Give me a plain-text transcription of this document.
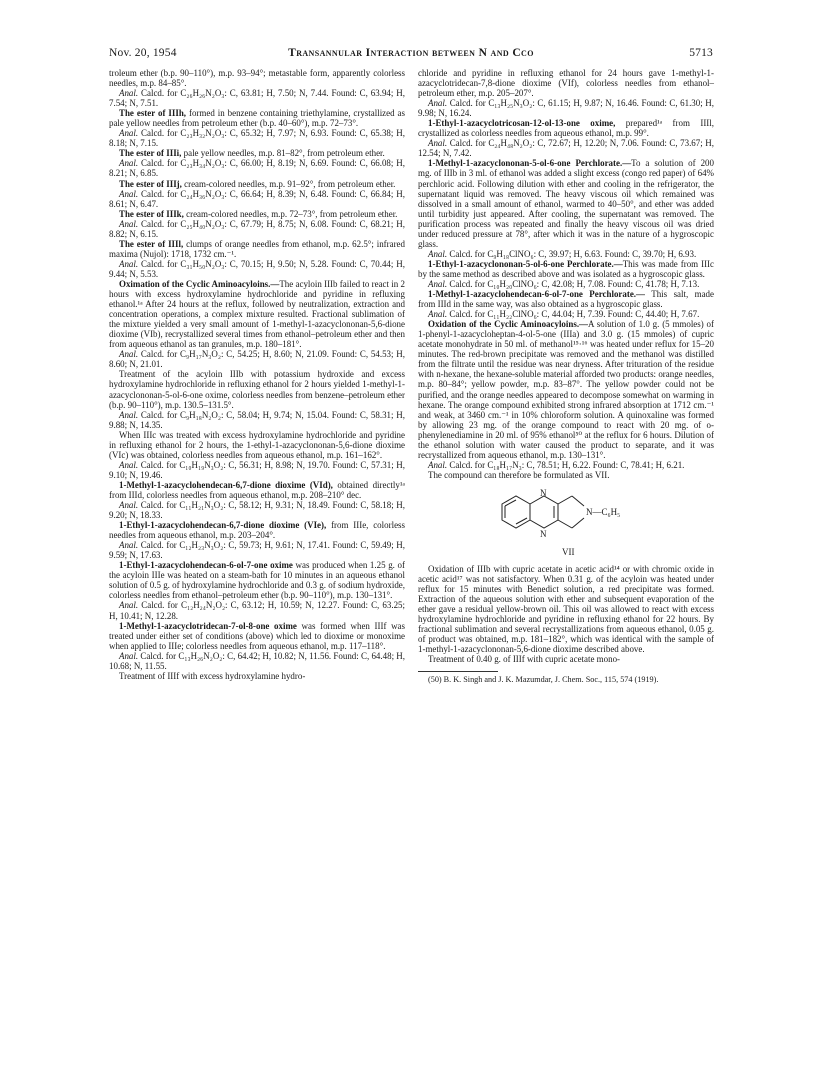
Nov. 20, 1954	Transannular Interaction between N and Cco	5713

troleum ether (b.p. 90–110°), m.p. 93–94°; metastable form, apparently colorless needles, m.p. 84–85°.

Anal. Calcd. for C₂₆H₂₆N₂O₃: C, 63.81; H, 7.50; N, 7.44. Found: C, 63.94; H, 7.54; N, 7.51.

The ester of IIIh, formed in benzene containing triethylamine, crystallized as pale yellow needles from petroleum ether (b.p. 40–60°), m.p. 72–73°.

Anal. Calcd. for C₂₃H₃₂N₂O₃: C, 65.32; H, 7.97; N, 6.93. Found: C, 65.38; H, 8.18; N, 7.15.

The ester of IIIi, pale yellow needles, m.p. 81–82°, from petroleum ether.

Anal. Calcd. for C₂₃H₃₄N₂O₃: C, 66.00; H, 8.19; N, 6.69. Found: C, 66.08; H, 8.21; N, 6.85.

The ester of IIIj, cream-colored needles, m.p. 91–92°, from petroleum ether.

Anal. Calcd. for C₂₄H₃₆N₂O₃: C, 66.64; H, 8.39; N, 6.48. Found: C, 66.84; H, 8.61; N, 6.47.

The ester of IIIk, cream-colored needles, m.p. 72–73°, from petroleum ether.

Anal. Calcd. for C₂₅H₄₀N₂O₃: C, 67.79; H, 8.75; N, 6.08. Found: C, 68.21; H, 8.82; N, 6.15.

The ester of IIIl, clumps of orange needles from ethanol, m.p. 62.5°; infrared maxima (Nujol): 1718, 1732 cm.⁻¹.

Anal. Calcd. for C₃₁H₅₀N₂O₃: C, 70.15; H, 9.50; N, 5.28. Found: C, 70.44; H, 9.44; N, 5.53.

Oximation of the Cyclic Aminoacyloins.—The acyloin IIIb failed to react in 2 hours with excess hydroxylamine hydrochloride and pyridine in refluxing ethanol.¹ᵃ After 24 hours at the reflux, followed by neutralization, extraction and concentration operations, a complex mixture resulted. Fractional sublimation of the mixture yielded a very small amount of 1-methyl-1-azacyclononan-5,6-dione dioxime (VIb), recrystallized several times from ethanol–petroleum ether and then from aqueous ethanol as tan granules, m.p. 180–181°.

Anal. Calcd. for C₉H₁₇N₃O₂: C, 54.25; H, 8.60; N, 21.09. Found: C, 54.53; H, 8.60; N, 21.01.

Treatment of the acyloin IIIb with potassium hydroxide and excess hydroxylamine hydrochloride in refluxing ethanol for 2 hours yielded 1-methyl-1-azacyclononan-5-ol-6-one oxime, colorless needles from benzene–petroleum ether (b.p. 90–110°), m.p. 130.5–131.5°.

Anal. Calcd. for C₉H₁₈N₂O₂: C, 58.04; H, 9.74; N, 15.04. Found: C, 58.31; H, 9.88; N, 14.35.

When IIIc was treated with excess hydroxylamine hydrochloride and pyridine in refluxing ethanol for 2 hours, the 1-ethyl-1-azacyclononan-5,6-dione dioxime (VIc) was obtained, colorless needles from aqueous ethanol, m.p. 161–162°.

Anal. Calcd. for C₁₀H₁₉N₃O₂: C, 56.31; H, 8.98; N, 19.70. Found: C, 57.31; H, 9.10; N, 19.46.

1-Methyl-1-azacyclohendecan-6,7-dione dioxime (VId), obtained directly¹ᵃ from IIId, colorless needles from aqueous ethanol, m.p. 208–210° dec.

Anal. Calcd. for C₁₁H₂₁N₃O₂: C, 58.12; H, 9.31; N, 18.49. Found: C, 58.18; H, 9.20; N, 18.33.

1-Ethyl-1-azacyclohendecan-6,7-dione dioxime (VIe), from IIIe, colorless needles from aqueous ethanol, m.p. 203–204°.

Anal. Calcd. for C₁₂H₂₃N₃O₂: C, 59.73; H, 9.61; N, 17.41. Found: C, 59.49; H, 9.59; N, 17.63.

1-Ethyl-1-azacyclohendecan-6-ol-7-one oxime was produced when 1.25 g. of the acyloin IIIe was heated on a steam-bath for 10 minutes in an aqueous ethanol solution of 0.5 g. of hydroxylamine hydrochloride and 0.3 g. of sodium hydroxide, colorless needles from ethanol–petroleum ether (b.p. 90–110°), m.p. 130–131°.

Anal. Calcd. for C₁₂H₂₄N₂O₂: C, 63.12; H, 10.59; N, 12.27. Found: C, 63.25; H, 10.41; N, 12.28.

1-Methyl-1-azacyclotridecan-7-ol-8-one oxime was formed when IIIf was treated under either set of conditions (above) which led to dioxime or monoxime when applied to IIIe; colorless needles from aqueous ethanol, m.p. 117–118°.

Anal. Calcd. for C₁₃H₂₆N₂O₂: C, 64.42; H, 10.82; N, 11.56. Found: C, 64.48; H, 10.68; N, 11.55.

Treatment of IIIf with excess hydroxylamine hydro-

chloride and pyridine in refluxing ethanol for 24 hours gave 1-methyl-1-azacyclotridecan-7,8-dione dioxime (VIf), colorless needles from ethanol–petroleum ether, m.p. 205–207°.

Anal. Calcd. for C₁₃H₂₅N₃O₂: C, 61.15; H, 9.87; N, 16.46. Found: C, 61.30; H, 9.98; N, 16.24.

1-Ethyl-1-azacyclotricosan-12-ol-13-one oxime, prepared¹ᵃ from IIIl, crystallized as colorless needles from aqueous ethanol, m.p. 99°.

Anal. Calcd. for C₂₄H₄₈N₂O₂: C, 72.67; H, 12.20; N, 7.06. Found: C, 73.67; H, 12.54; N, 7.42.

1-Methyl-1-azacyclononan-5-ol-6-one Perchlorate.—To a solution of 200 mg. of IIIb in 3 ml. of ethanol was added a slight excess (congo red paper) of 64% perchloric acid. Following dilution with ether and cooling in the refrigerator, the supernatant liquid was removed. The heavy viscous oil which remained was dissolved in a small amount of ethanol, warmed to 40–50°, and ether was added until turbidity just appeared. After cooling, the supernatant was removed. The purification process was repeated and finally the heavy viscous oil was dried under reduced pressure at 78°, after which it was in the nature of a hygroscopic glass.

Anal. Calcd. for C₉H₁₈ClNO₆: C, 39.97; H, 6.63. Found: C, 39.70; H, 6.93.

1-Ethyl-1-azacyclononan-5-ol-6-one Perchlorate.—This was made from IIIc by the same method as described above and was isolated as a hygroscopic glass.

Anal. Calcd. for C₁₀H₂₀ClNO₆: C, 42.08; H, 7.08. Found: C, 41.78; H, 7.13.

1-Methyl-1-azacyclohendecan-6-ol-7-one Perchlorate.— This salt, made from IIId in the same way, was also obtained as a hygroscopic glass.

Anal. Calcd. for C₁₁H₂₂ClNO₆: C, 44.04; H, 7.39. Found: C, 44.40; H, 7.67.

Oxidation of the Cyclic Aminoacyloins.—A solution of 1.0 g. (5 mmoles) of 1-phenyl-1-azacycloheptan-4-ol-5-one (IIIa) and 3.0 g. (15 mmoles) of cupric acetate monohydrate in 50 ml. of methanol¹⁵·¹⁶ was heated under reflux for 15–20 minutes. The red-brown precipitate was removed and the methanol was distilled from the filtrate until the residue was near dryness. After trituration of the residue with n-hexane, the hexane-soluble material afforded two products: orange needles, m.p. 80–84°; yellow powder, m.p. 83–87°. The yellow powder could not be purified, and the orange needles appeared to decompose somewhat on warming in hexane. The orange compound exhibited strong infrared absorption at 1712 cm.⁻¹ and weak, at 3460 cm.⁻¹ in 10% chloroform solution. A quinoxaline was formed by allowing 23 mg. of the orange compound to react with 20 mg. of o-phenylenediamine in 20 ml. of 95% ethanol⁵⁰ at the reflux for 6 hours. Dilution of the ethanol solution with water caused the product to separate, and it was recrystallized from aqueous ethanol, m.p. 130–131°.

Anal. Calcd. for C₁₈H₁₇N₃: C, 78.51; H, 6.22. Found: C, 78.41; H, 6.21.

The compound can therefore be formulated as VII.

N
N
N—C₆H₅
VII

Oxidation of IIIb with cupric acetate in acetic acid¹⁴ or with chromic oxide in acetic acid¹⁷ was not satisfactory. When 0.31 g. of the acyloin was heated under reflux for 15 minutes with Benedict solution, a red precipitate was formed. Extraction of the aqueous solution with ether and subsequent evaporation of the ether gave a residual yellow-brown oil. This oil was allowed to react with excess hydroxylamine hydrochloride and pyridine in refluxing ethanol for 22 hours. By fractional sublimation and several recrystallizations from aqueous ethanol, 0.05 g. of product was obtained, m.p. 181–182°, which was identical with the sample of 1-methyl-1-azacyclononan-5,6-dione dioxime described above.

Treatment of 0.40 g. of IIIf with cupric acetate mono-

(50) B. K. Singh and J. K. Mazumdar, J. Chem. Soc., 115, 574 (1919).
